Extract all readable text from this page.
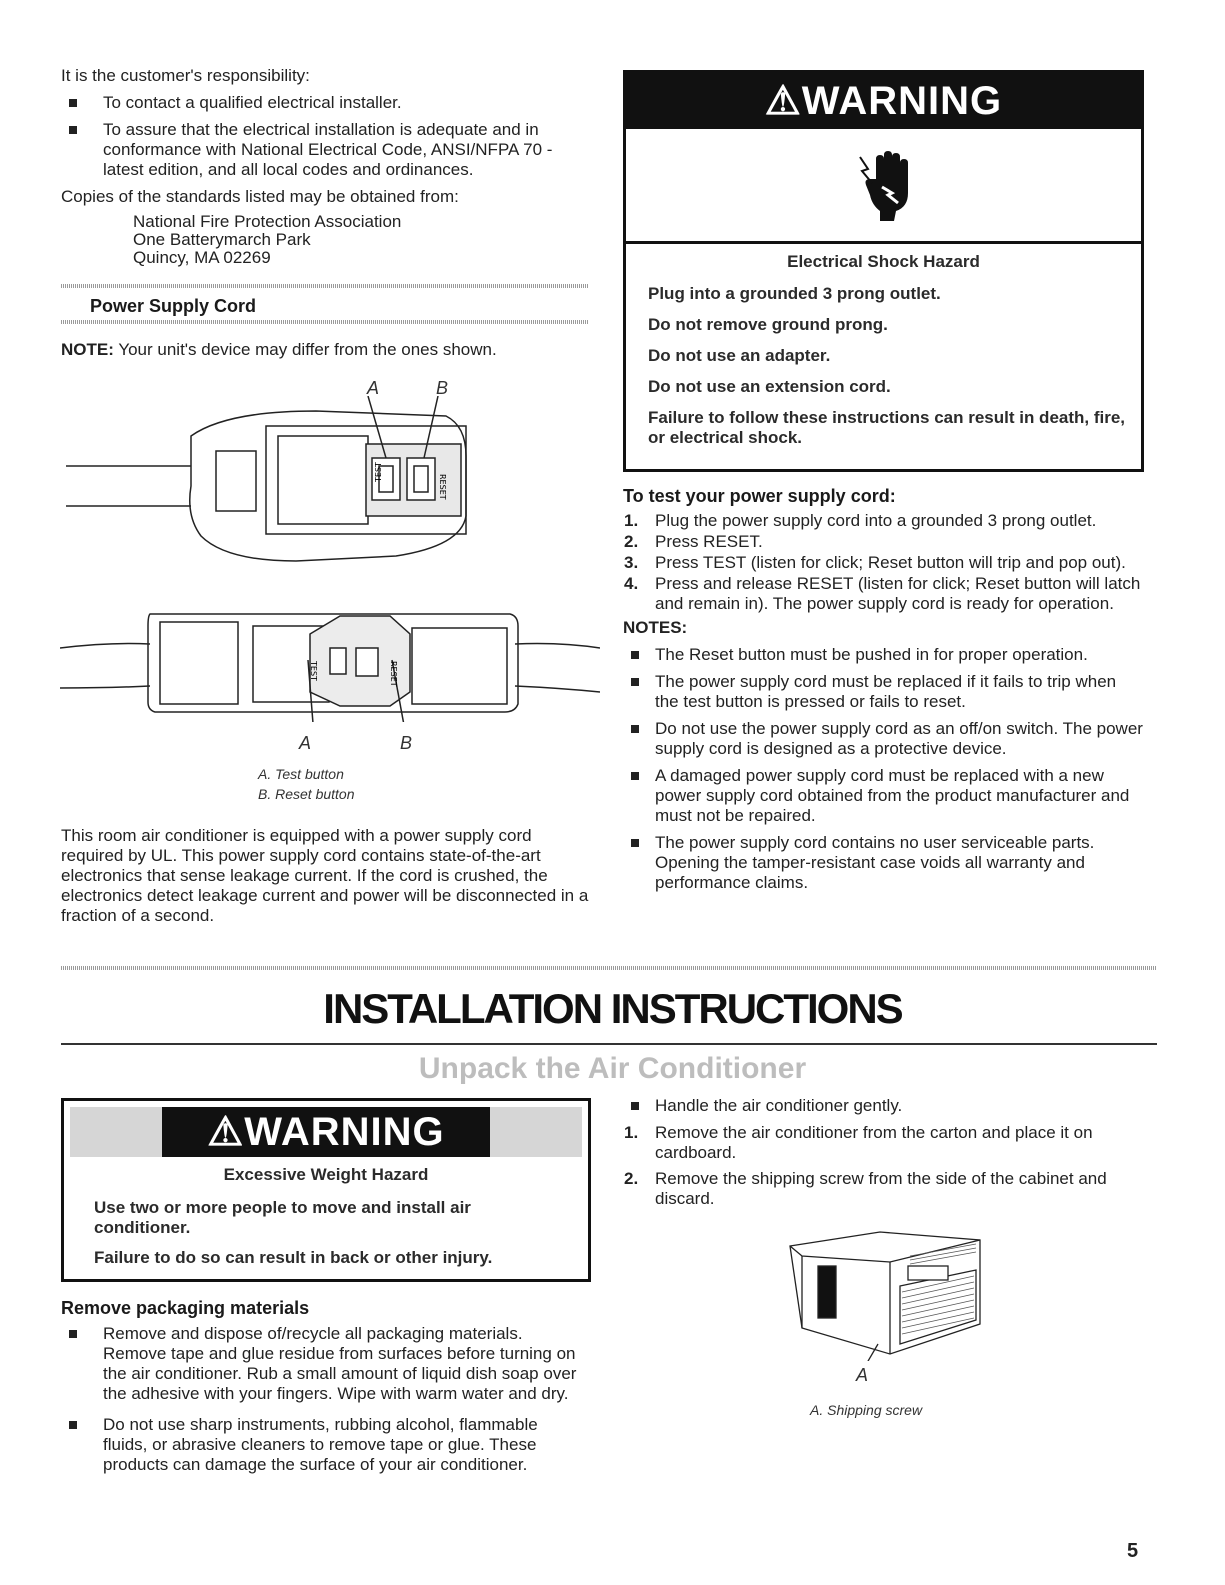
It is the customer's responsibility:

To contact a qualified electrical installer.
To assure that the electrical installation is adequate and in conformance with National Electrical Code, ANSI/NFPA 70 - latest edition, and all local codes and ordinances.

Copies of the standards listed may be obtained from:

National Fire Protection Association
One Batterymarch Park
Quincy, MA 02269
Power Supply Cord

NOTE: Your unit's device may differ from the ones shown.

A	B
TEST
RESET
TEST	RESET
A	B
A. Test button
B. Reset button

This room air conditioner is equipped with a power supply cord required by UL. This power supply cord contains state-of-the-art electronics that sense leakage current. If the cord is crushed, the electronics detect leakage current and power will be disconnected in a fraction of a second.

⚠WARNING
Electrical Shock Hazard

Plug into a grounded 3 prong outlet.

Do not remove ground prong.

Do not use an adapter.

Do not use an extension cord.

Failure to follow these instructions can result in death, fire, or electrical shock.

To test your power supply cord:
1. Plug the power supply cord into a grounded 3 prong outlet.
2. Press RESET.
3. Press TEST (listen for click; Reset button will trip and pop out).
4. Press and release RESET (listen for click; Reset button will latch and remain in). The power supply cord is ready for operation.
NOTES:
The Reset button must be pushed in for proper operation.
The power supply cord must be replaced if it fails to trip when the test button is pressed or fails to reset.
Do not use the power supply cord as an off/on switch. The power supply cord is designed as a protective device.
A damaged power supply cord must be replaced with a new power supply cord obtained from the product manufacturer and must not be repaired.
The power supply cord contains no user serviceable parts. Opening the tamper-resistant case voids all warranty and performance claims.
INSTALLATION INSTRUCTIONS
Unpack the Air Conditioner
⚠WARNING
Excessive Weight Hazard

Use two or more people to move and install air conditioner.

Failure to do so can result in back or other injury.

Remove packaging materials
Remove and dispose of/recycle all packaging materials. Remove tape and glue residue from surfaces before turning on the air conditioner. Rub a small amount of liquid dish soap over the adhesive with your fingers. Wipe with warm water and dry.
Do not use sharp instruments, rubbing alcohol, flammable fluids, or abrasive cleaners to remove tape or glue. These products can damage the surface of your air conditioner.
Handle the air conditioner gently.
1. Remove the air conditioner from the carton and place it on cardboard.
2. Remove the shipping screw from the side of the cabinet and discard.
A
A. Shipping screw
5
